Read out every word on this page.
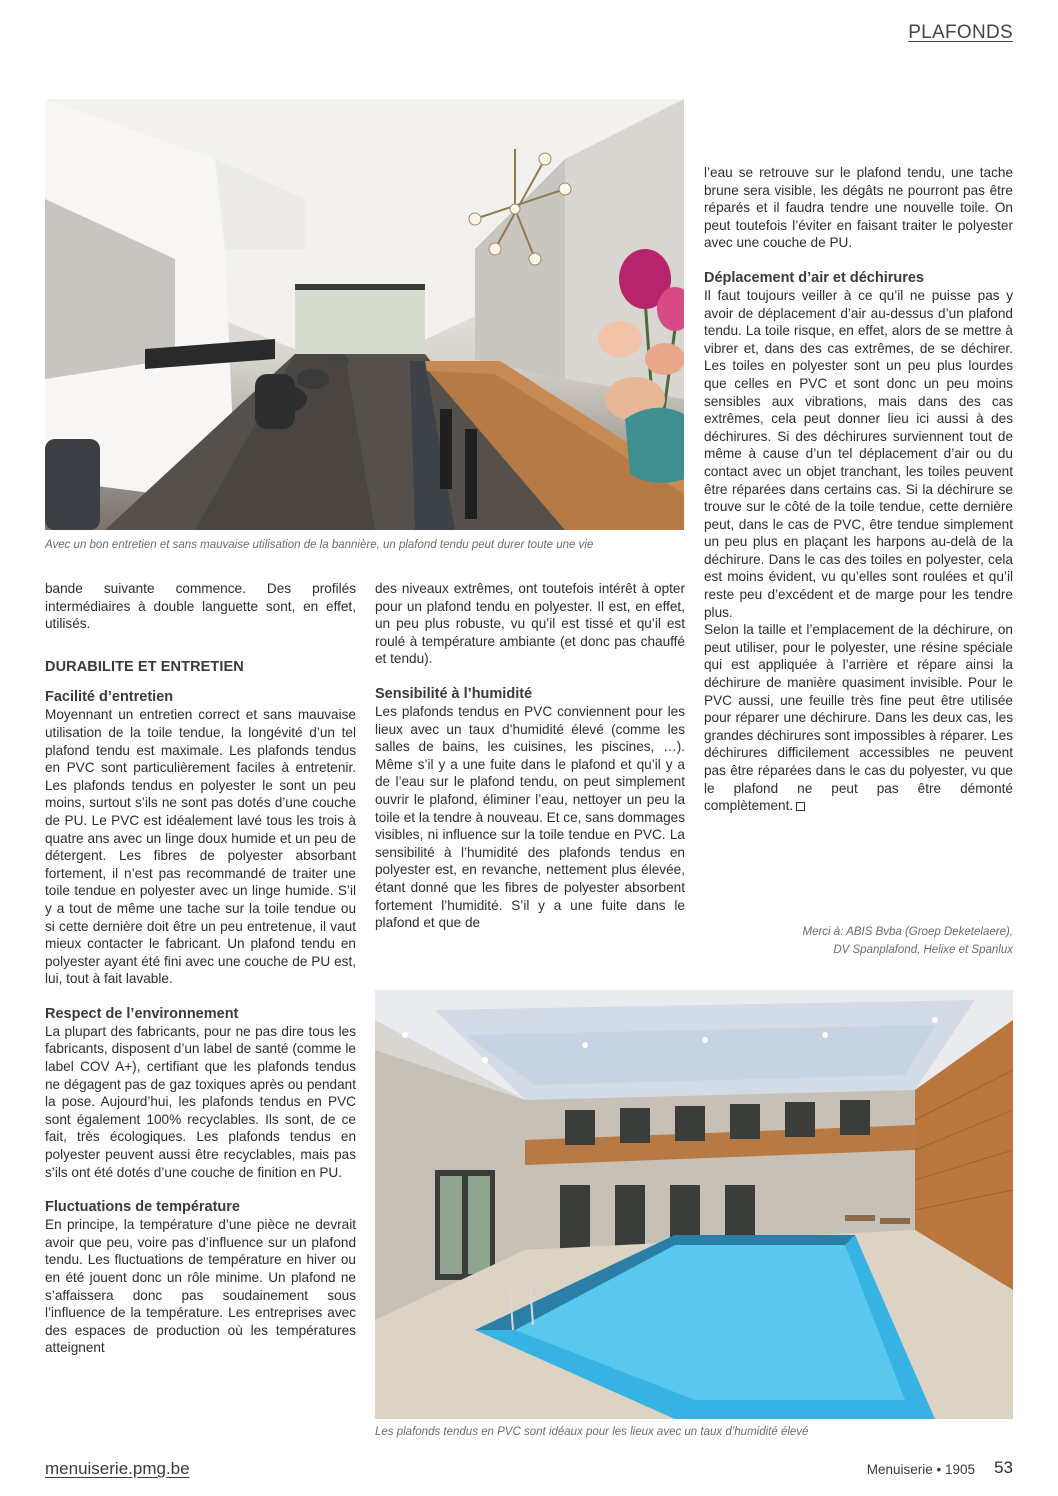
PLAFONDS
Avec un bon entretien et sans mauvaise utilisation de la bannière, un plafond tendu peut durer toute une vie

bande suivante commence. Des profilés intermédiaires à double languette sont, en effet, utilisés.

DURABILITE ET ENTRETIEN
Facilité d’entretien

Moyennant un entretien correct et sans mauvaise utilisation de la toile tendue, la longévité d’un tel plafond tendu est maximale. Les plafonds tendus en PVC sont particulièrement faciles à entretenir. Les plafonds tendus en polyester le sont un peu moins, surtout s’ils ne sont pas dotés d’une couche de PU. Le PVC est idéalement lavé tous les trois à quatre ans avec un linge doux humide et un peu de détergent. Les fibres de polyester absorbant fortement, il n’est pas recommandé de traiter une toile tendue en polyester avec un linge humide. S’il y a tout de même une tache sur la toile tendue ou si cette dernière doit être un peu entretenue, il vaut mieux contacter le fabricant. Un plafond tendu en polyester ayant été fini avec une couche de PU est, lui, tout à fait lavable.

Respect de l’environnement

La plupart des fabricants, pour ne pas dire tous les fabricants, disposent d’un label de santé (comme le label COV A+), certifiant que les plafonds tendus ne dégagent pas de gaz toxiques après ou pendant la pose. Aujourd’hui, les plafonds tendus en PVC sont également 100% recyclables. Ils sont, de ce fait, très écologiques. Les plafonds tendus en polyester peuvent aussi être recyclables, mais pas s’ils ont été dotés d’une couche de finition en PU.

Fluctuations de température

En principe, la température d’une pièce ne devrait avoir que peu, voire pas d’influence sur un plafond tendu. Les fluctuations de température en hiver ou en été jouent donc un rôle minime. Un plafond ne s’affaissera donc pas soudainement sous l’influence de la température. Les entreprises avec des espaces de production où les températures atteignent

des niveaux extrêmes, ont toutefois intérêt à opter pour un plafond tendu en polyester. Il est, en effet, un peu plus robuste, vu qu’il est tissé et qu’il est roulé à température ambiante (et donc pas chauffé et tendu).

Sensibilité à l’humidité

Les plafonds tendus en PVC conviennent pour les lieux avec un taux d’humidité élevé (comme les salles de bains, les cuisines, les piscines, …). Même s’il y a une fuite dans le plafond et qu’il y a de l’eau sur le plafond tendu, on peut simplement ouvrir le plafond, éliminer l’eau, nettoyer un peu la toile et la tendre à nouveau. Et ce, sans dommages visibles, ni influence sur la toile tendue en PVC. La sensibilité à l’humidité des plafonds tendus en polyester est, en revanche, nettement plus élevée, étant donné que les fibres de polyester absorbent fortement l’humidité. S’il y a une fuite dans le plafond et que de

l’eau se retrouve sur le plafond tendu, une tache brune sera visible, les dégâts ne pourront pas être réparés et il faudra tendre une nouvelle toile. On peut toutefois l’éviter en faisant traiter le polyester avec une couche de PU.

Déplacement d’air et déchirures

Il faut toujours veiller à ce qu’il ne puisse pas y avoir de déplacement d’air au-dessus d’un plafond tendu. La toile risque, en effet, alors de se mettre à vibrer et, dans des cas extrêmes, de se déchirer. Les toiles en polyester sont un peu plus lourdes que celles en PVC et sont donc un peu moins sensibles aux vibrations, mais dans des cas extrêmes, cela peut donner lieu ici aussi à des déchirures. Si des déchirures surviennent tout de même à cause d’un tel déplacement d’air ou du contact avec un objet tranchant, les toiles peuvent être réparées dans certains cas. Si la déchirure se trouve sur le côté de la toile tendue, cette dernière peut, dans le cas de PVC, être tendue simplement un peu plus en plaçant les harpons au-delà de la déchirure. Dans le cas des toiles en polyester, cela est moins évident, vu qu’elles sont roulées et qu’il reste peu d’excédent et de marge pour les tendre plus.

Selon la taille et l’emplacement de la déchirure, on peut utiliser, pour le polyester, une résine spéciale qui est appliquée à l’arrière et répare ainsi la déchirure de manière quasiment invisible. Pour le PVC aussi, une feuille très fine peut être utilisée pour réparer une déchirure. Dans les deux cas, les grandes déchirures sont impossibles à réparer. Les déchirures difficilement accessibles ne peuvent pas être réparées dans le cas du polyester, vu que le plafond ne peut pas être démonté complètement.

Merci à: ABIS Bvba (Groep Deketelaere),
DV Spanplafond, Helixe et Spanlux
Les plafonds tendus en PVC sont idéaux pour les lieux avec un taux d’humidité élevé
menuiserie.pmg.be	Menuiserie • 1905 53
